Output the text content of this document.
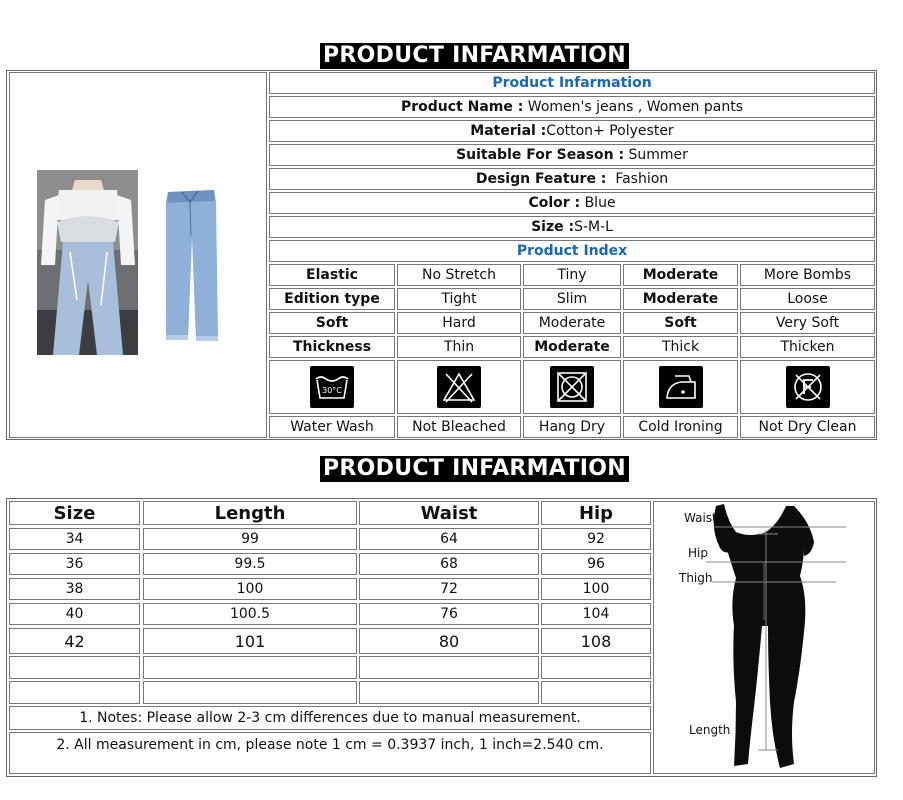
PRODUCT INFARMATION
Product Infarmation
Product Name : Women's jeans , Women pants
Material : Cotton+ Polyester
Suitable For Season : Summer
Design Feature : Fashion
Color : Blue
Size : S-M-L
Product Index
Elastic	No Stretch	Tiny	Moderate	More Bombs
Edition type	Tight	Slim	Moderate	Loose
Soft	Hard	Moderate	Soft	Very Soft
Thickness	Thin	Moderate	Thick	Thicken
30°C
Water Wash	Not Bleached	Hang Dry	Cold Ironing	Not Dry Clean
PRODUCT INFARMATION
Size	Length	Waist	Hip
34	99	64	92
36	99.5	68	96
38	100	72	100
40	100.5	76	104
42	101	80	108
1. Notes: Please allow 2-3 cm differences due to manual measurement.
2. All measurement in cm, please note 1 cm = 0.3937 inch, 1 inch=2.540 cm.
Waist
Hip
Thigh
Length
